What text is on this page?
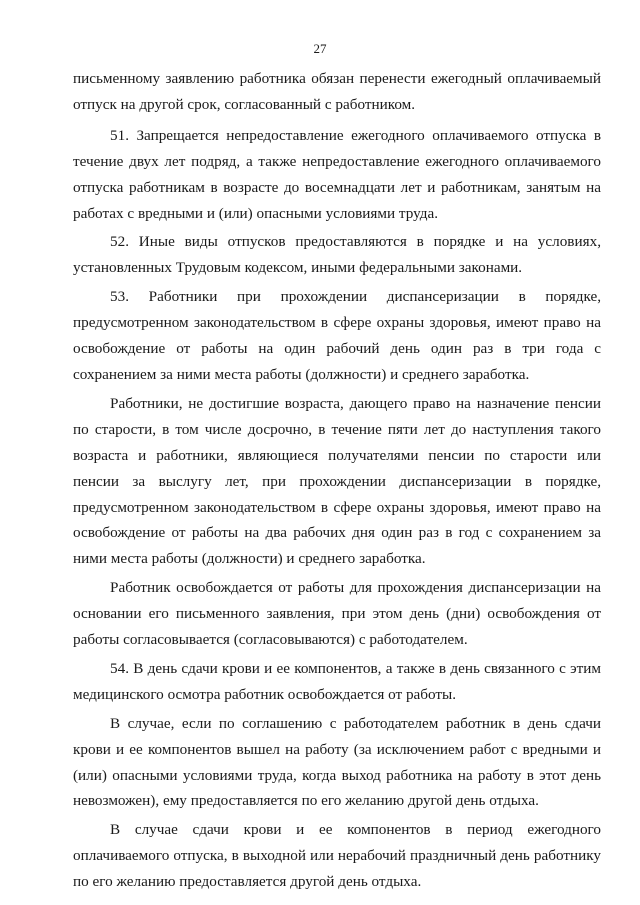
27

письменному заявлению работника обязан перенести ежегодный оплачиваемый отпуск на другой срок, согласованный с работником.

51. Запрещается непредоставление ежегодного оплачиваемого отпуска в течение двух лет подряд, а также непредоставление ежегодного оплачиваемого отпуска работникам в возрасте до восемнадцати лет и работникам, занятым на работах с вредными и (или) опасными условиями труда.

52. Иные виды отпусков предоставляются в порядке и на условиях, установленных Трудовым кодексом, иными федеральными законами.

53. Работники при прохождении диспансеризации в порядке, предусмотренном законодательством в сфере охраны здоровья, имеют право на освобождение от работы на один рабочий день один раз в три года с сохранением за ними места работы (должности) и среднего заработка.

Работники, не достигшие возраста, дающего право на назначение пенсии по старости, в том числе досрочно, в течение пяти лет до наступления такого возраста и работники, являющиеся получателями пенсии по старости или пенсии за выслугу лет, при прохождении диспансеризации в порядке, предусмотренном законодательством в сфере охраны здоровья, имеют право на освобождение от работы на два рабочих дня один раз в год с сохранением за ними места работы (должности) и среднего заработка.

Работник освобождается от работы для прохождения диспансеризации на основании его письменного заявления, при этом день (дни) освобождения от работы согласовывается (согласовываются) с работодателем.

54. В день сдачи крови и ее компонентов, а также в день связанного с этим медицинского осмотра работник освобождается от работы.

В случае, если по соглашению с работодателем работник в день сдачи крови и ее компонентов вышел на работу (за исключением работ с вредными и (или) опасными условиями труда, когда выход работника на работу в этот день невозможен), ему предоставляется по его желанию другой день отдыха.

В случае сдачи крови и ее компонентов в период ежегодного оплачиваемого отпуска, в выходной или нерабочий праздничный день работнику по его желанию предоставляется другой день отдыха.
